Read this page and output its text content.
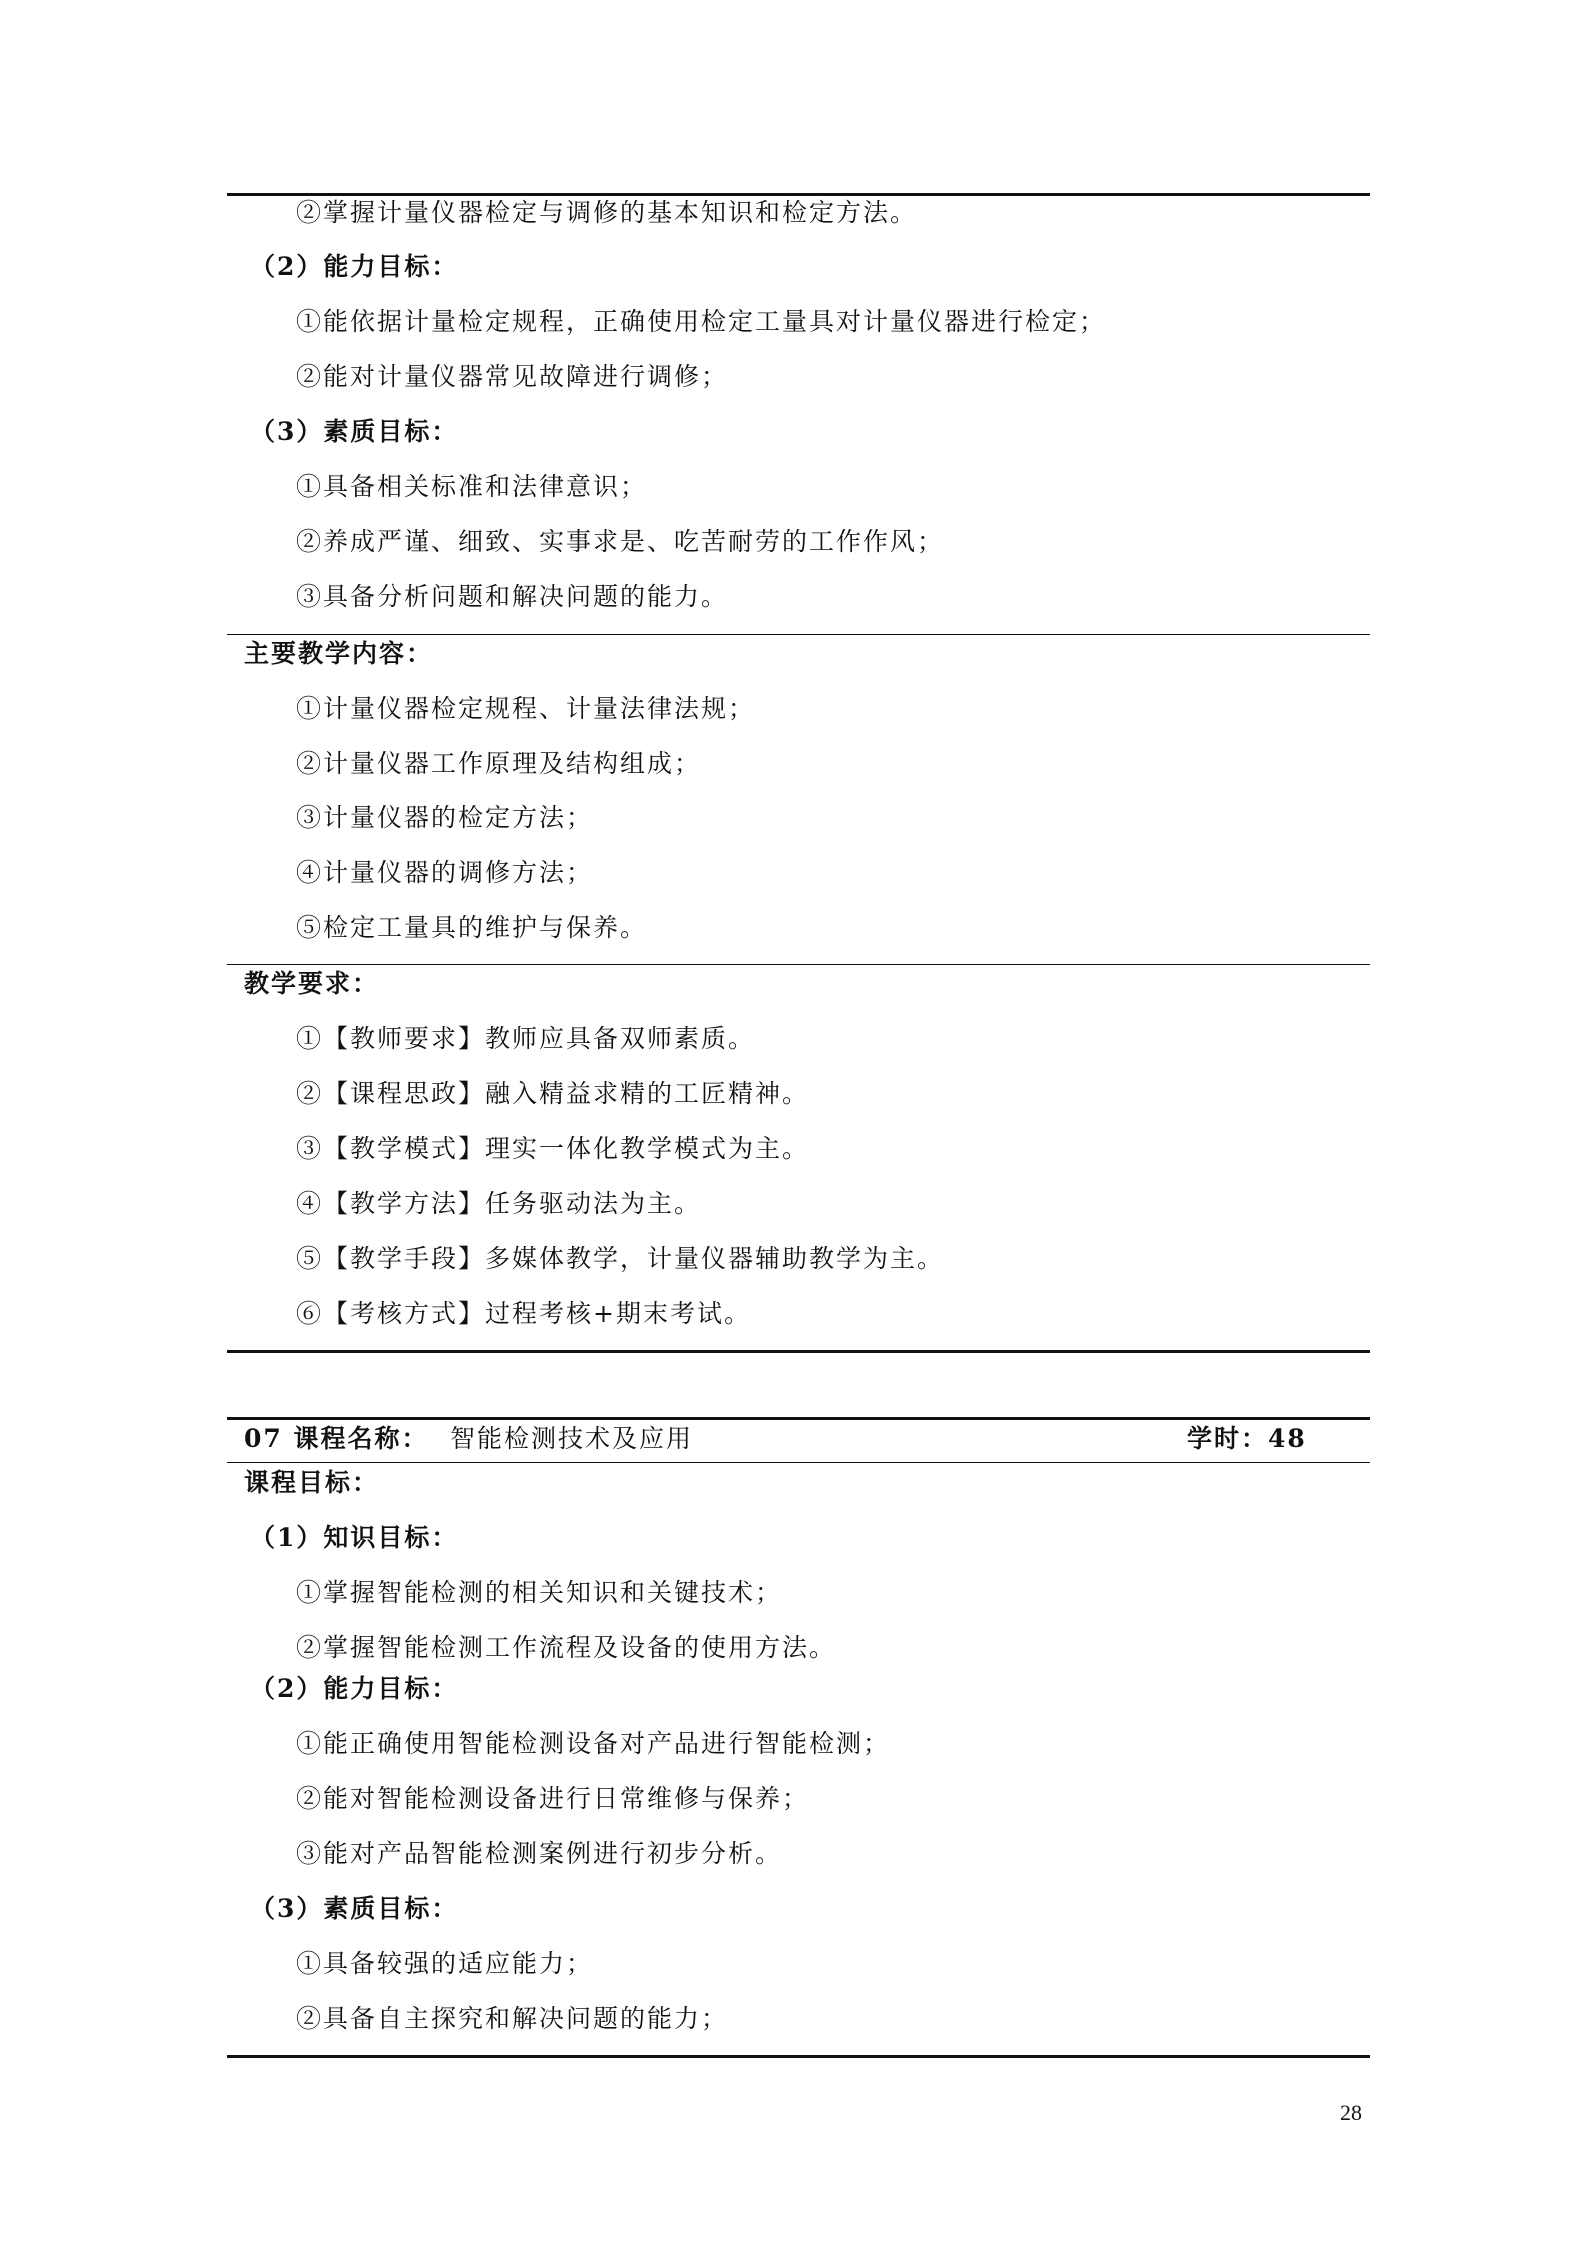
②掌握计量仪器检定与调修的基本知识和检定方法。
（2）能力目标：
①能依据计量检定规程，正确使用检定工量具对计量仪器进行检定；
②能对计量仪器常见故障进行调修；
（3）素质目标：
①具备相关标准和法律意识；
②养成严谨、细致、实事求是、吃苦耐劳的工作作风；
③具备分析问题和解决问题的能力。
主要教学内容：
①计量仪器检定规程、计量法律法规；
②计量仪器工作原理及结构组成；
③计量仪器的检定方法；
④计量仪器的调修方法；
⑤检定工量具的维护与保养。
教学要求：
①【教师要求】教师应具备双师素质。
②【课程思政】融入精益求精的工匠精神。
③【教学模式】理实一体化教学模式为主。
④【教学方法】任务驱动法为主。
⑤【教学手段】多媒体教学，计量仪器辅助教学为主。
⑥【考核方式】过程考核+期末考试。
07 课程名称： 智能检测技术及应用	学时：48
课程目标：
（1）知识目标：
①掌握智能检测的相关知识和关键技术；
②掌握智能检测工作流程及设备的使用方法。
（2）能力目标：
①能正确使用智能检测设备对产品进行智能检测；
②能对智能检测设备进行日常维修与保养；
③能对产品智能检测案例进行初步分析。
（3）素质目标：
①具备较强的适应能力；
②具备自主探究和解决问题的能力；
28
